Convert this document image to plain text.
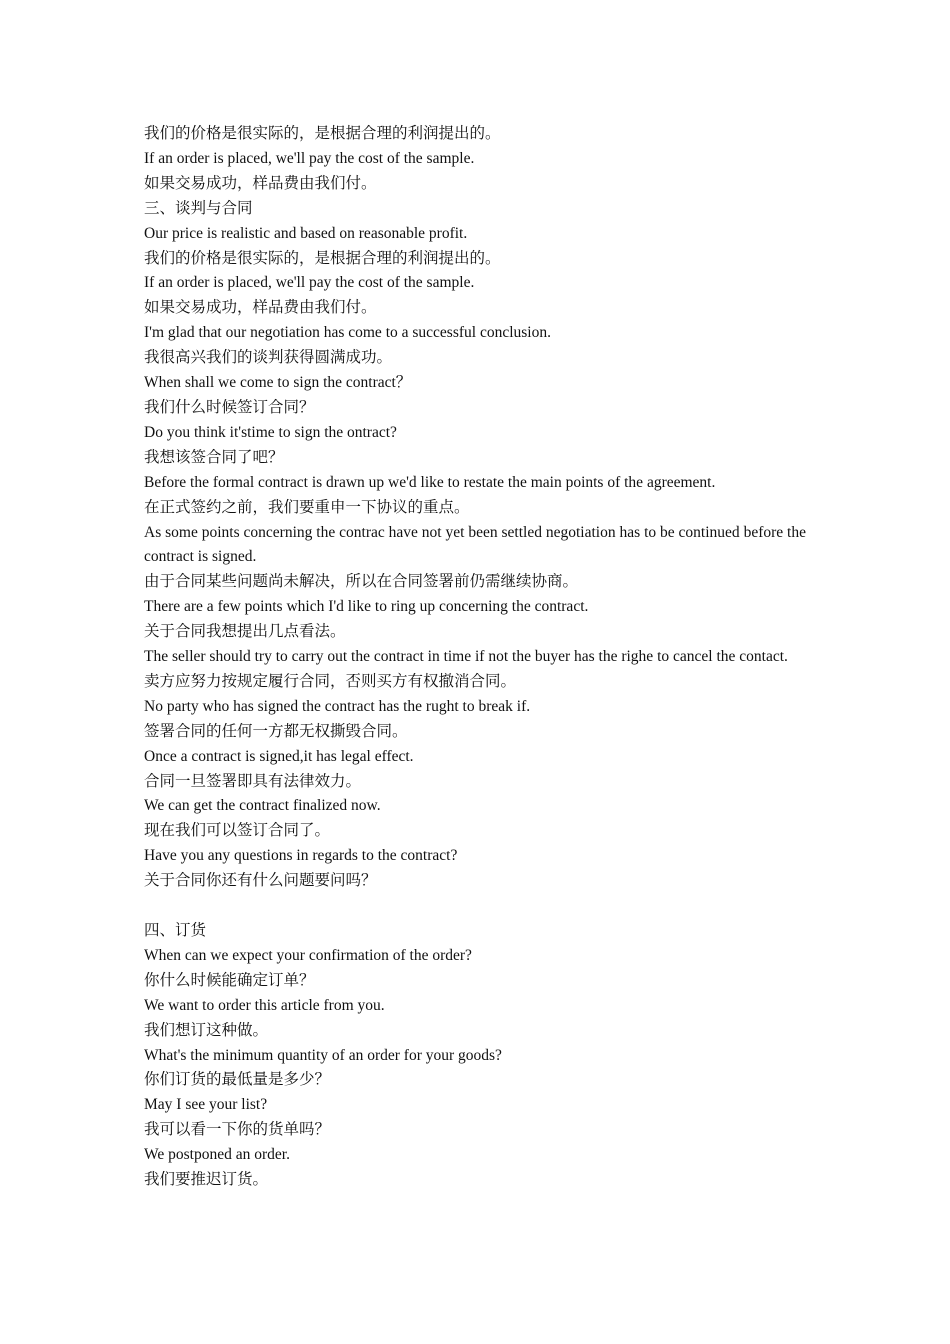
我们的价格是很实际的，是根据合理的利润提出的。

If an order is placed, we'll pay the cost of the sample.

如果交易成功，样品费由我们付。

三、谈判与合同

Our price is realistic and based on reasonable profit.

我们的价格是很实际的，是根据合理的利润提出的。

If an order is placed, we'll pay the cost of the sample.

如果交易成功，样品费由我们付。

I'm glad that our negotiation has come to a successful conclusion.

我很高兴我们的谈判获得圆满成功。

When shall we come to sign the contract？

我们什么时候签订合同？

Do you think it'stime to sign the ontract?

我想该签合同了吧？

Before the formal contract is drawn up we'd like to restate the main points of the agreement.

在正式签约之前，我们要重申一下协议的重点。

As some points concerning the contrac have not yet been settled negotiation has to be continued before the contract is signed.

由于合同某些问题尚未解决，所以在合同签署前仍需继续协商。

There are a few points which I'd like to ring up concerning the contract.

关于合同我想提出几点看法。

The seller should try to carry out the contract in time if not the buyer has the righe to cancel the contact.

卖方应努力按规定履行合同，否则买方有权撤消合同。

No party who has signed the contract has the rught to break if.

签署合同的任何一方都无权撕毁合同。

Once a contract is signed,it has legal effect.

合同一旦签署即具有法律效力。

We can get the contract finalized now.

现在我们可以签订合同了。

Have you any questions in regards to the contract?

关于合同你还有什么问题要问吗？

四、订货

When can we expect your confirmation of the order?

你什么时候能确定订单？

We want to order this article from you.

我们想订这种做。

What's the minimum quantity of an order for your goods?

你们订货的最低量是多少？

May I see your list?

我可以看一下你的货单吗？

We postponed an order.

我们要推迟订货。
